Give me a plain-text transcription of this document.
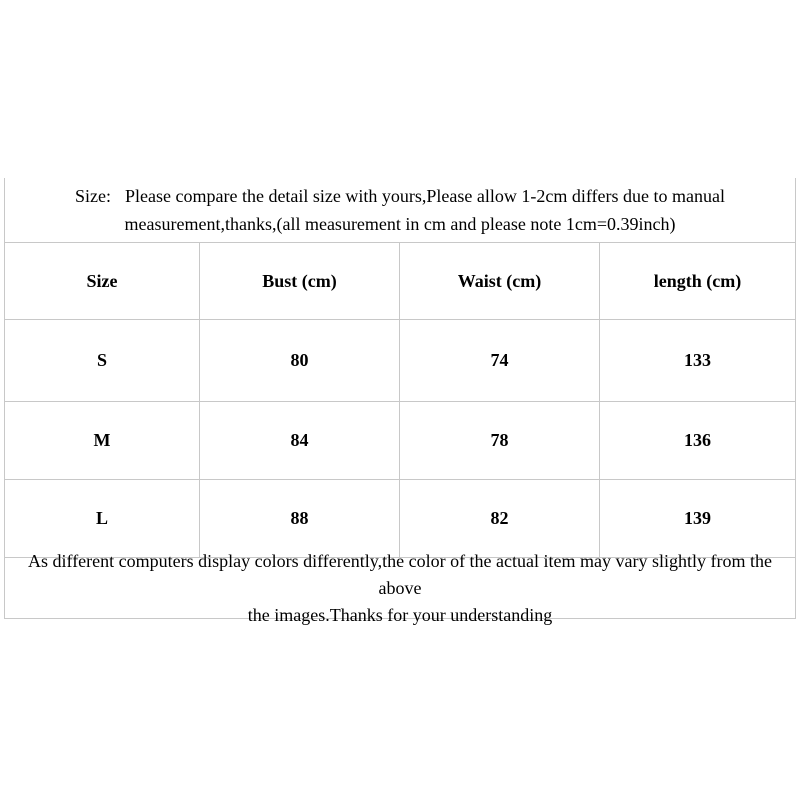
Size: Please compare the detail size with yours,Please allow 1-2cm differs due to manual
measurement,thanks,(all measurement in cm and please note 1cm=0.39inch)
Size	Bust (cm)	Waist (cm)	length (cm)
S	80	74	133
M	84	78	136
L	88	82	139
As different computers display colors differently,the color of the actual item may vary slightly from the above
the images.Thanks for your understanding
